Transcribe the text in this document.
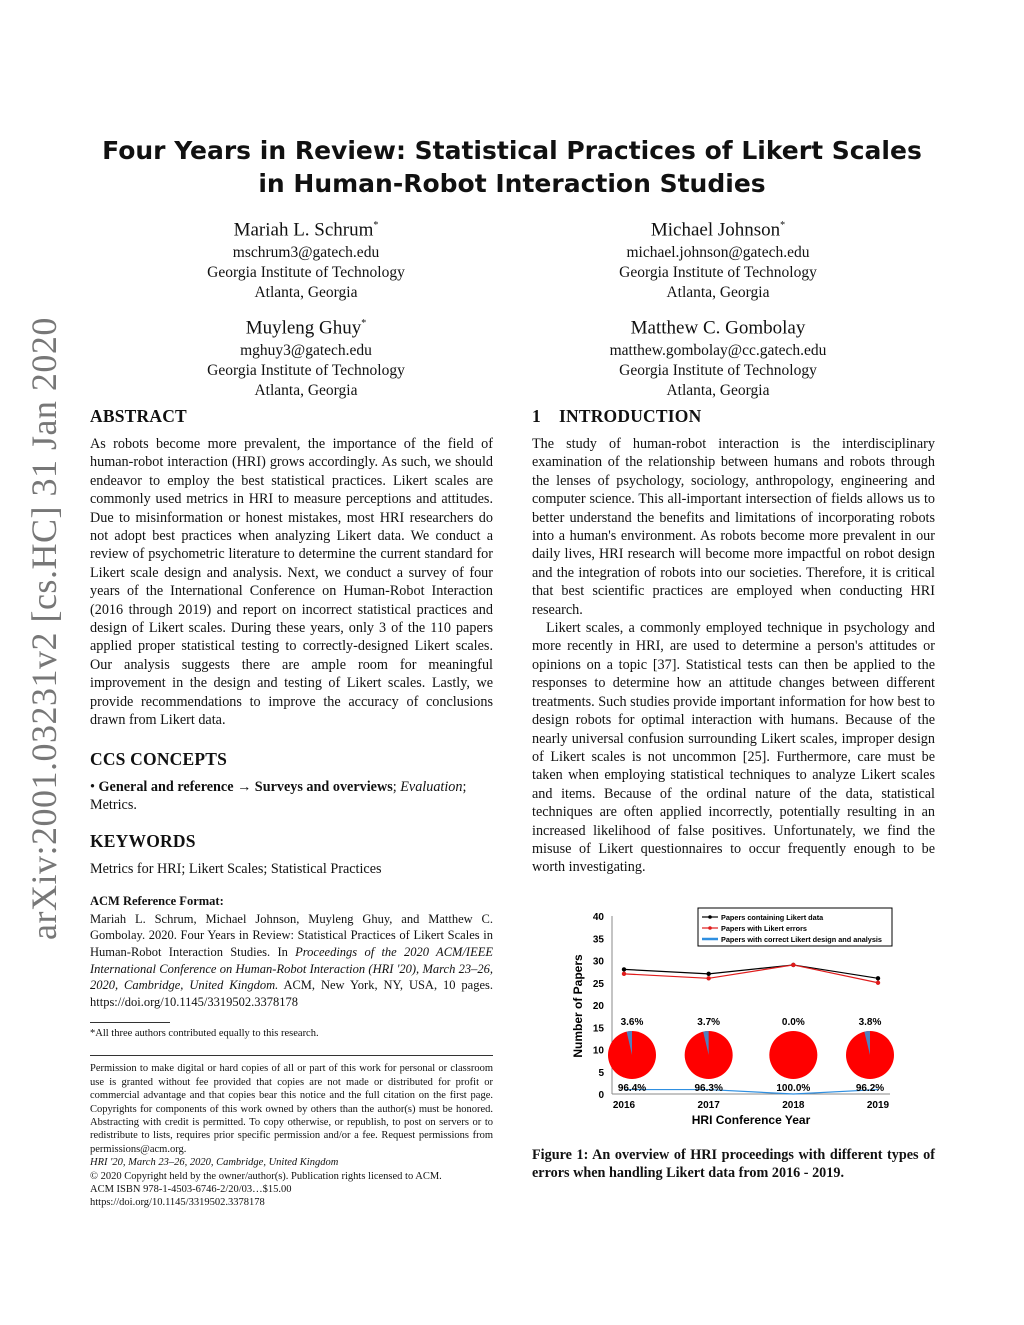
arXiv:2001.03231v2 [cs.HC] 31 Jan 2020
Four Years in Review: Statistical Practices of Likert Scales in Human-Robot Interaction Studies
Mariah L. Schrum*
mschrum3@gatech.edu
Georgia Institute of Technology
Atlanta, Georgia
Michael Johnson*
michael.johnson@gatech.edu
Georgia Institute of Technology
Atlanta, Georgia
Muyleng Ghuy*
mghuy3@gatech.edu
Georgia Institute of Technology
Atlanta, Georgia
Matthew C. Gombolay
matthew.gombolay@cc.gatech.edu
Georgia Institute of Technology
Atlanta, Georgia
ABSTRACT

As robots become more prevalent, the importance of the field of human-robot interaction (HRI) grows accordingly. As such, we should endeavor to employ the best statistical practices. Likert scales are commonly used metrics in HRI to measure perceptions and attitudes. Due to misinformation or honest mistakes, most HRI researchers do not adopt best practices when analyzing Likert data. We conduct a review of psychometric literature to determine the current standard for Likert scale design and analysis. Next, we conduct a survey of four years of the International Conference on Human-Robot Interaction (2016 through 2019) and report on incorrect statistical practices and design of Likert scales. During these years, only 3 of the 110 papers applied proper statistical testing to correctly-designed Likert scales. Our analysis suggests there are ample room for meaningful improvement in the design and testing of Likert scales. Lastly, we provide recommendations to improve the accuracy of conclusions drawn from Likert data.

CCS CONCEPTS

• General and reference → Surveys and overviews; Evaluation; Metrics.

KEYWORDS

Metrics for HRI; Likert Scales; Statistical Practices

ACM Reference Format:

Mariah L. Schrum, Michael Johnson, Muyleng Ghuy, and Matthew C. Gombolay. 2020. Four Years in Review: Statistical Practices of Likert Scales in Human-Robot Interaction Studies. In Proceedings of the 2020 ACM/IEEE International Conference on Human-Robot Interaction (HRI '20), March 23–26, 2020, Cambridge, United Kingdom. ACM, New York, NY, USA, 10 pages. https://doi.org/10.1145/3319502.3378178

*All three authors contributed equally to this research.
Permission to make digital or hard copies of all or part of this work for personal or classroom use is granted without fee provided that copies are not made or distributed for profit or commercial advantage and that copies bear this notice and the full citation on the first page. Copyrights for components of this work owned by others than the author(s) must be honored. Abstracting with credit is permitted. To copy otherwise, or republish, to post on servers or to redistribute to lists, requires prior specific permission and/or a fee. Request permissions from permissions@acm.org.
HRI '20, March 23–26, 2020, Cambridge, United Kingdom
© 2020 Copyright held by the owner/author(s). Publication rights licensed to ACM.
ACM ISBN 978-1-4503-6746-2/20/03…$15.00
https://doi.org/10.1145/3319502.3378178
1 INTRODUCTION

The study of human-robot interaction is the interdisciplinary examination of the relationship between humans and robots through the lenses of psychology, sociology, anthropology, engineering and computer science. This all-important intersection of fields allows us to better understand the benefits and limitations of incorporating robots into a human's environment. As robots become more prevalent in our daily lives, HRI research will become more impactful on robot design and the integration of robots into our societies. Therefore, it is critical that best scientific practices are employed when conducting HRI research.

Likert scales, a commonly employed technique in psychology and more recently in HRI, are used to determine a person's attitudes or opinions on a topic [37]. Statistical tests can then be applied to the responses to determine how an attitude changes between different treatments. Such studies provide important information for how best to design robots for optimal interaction with humans. Because of the nearly universal confusion surrounding Likert scales, improper design of Likert scales is not uncommon [25]. Furthermore, care must be taken when employing statistical techniques to analyze Likert scales and items. Because of the ordinal nature of the data, statistical techniques are often applied incorrectly, potentially resulting in an increased likelihood of false positives. Unfortunately, we find the misuse of Likert questionnaires to occur frequently enough to be worth investigating.

0
5
10
15
20
25
30
35
40
2016	2017	2018	2019
3.6%
96.4%
3.7%
96.3%
0.0%
100.0%
3.8%
96.2%
HRI Conference Year
Number of Papers
Papers containing Likert data
Papers with Likert errors
Papers with correct Likert design and analysis
Figure 1: An overview of HRI proceedings with different types of errors when handling Likert data from 2016 - 2019.
